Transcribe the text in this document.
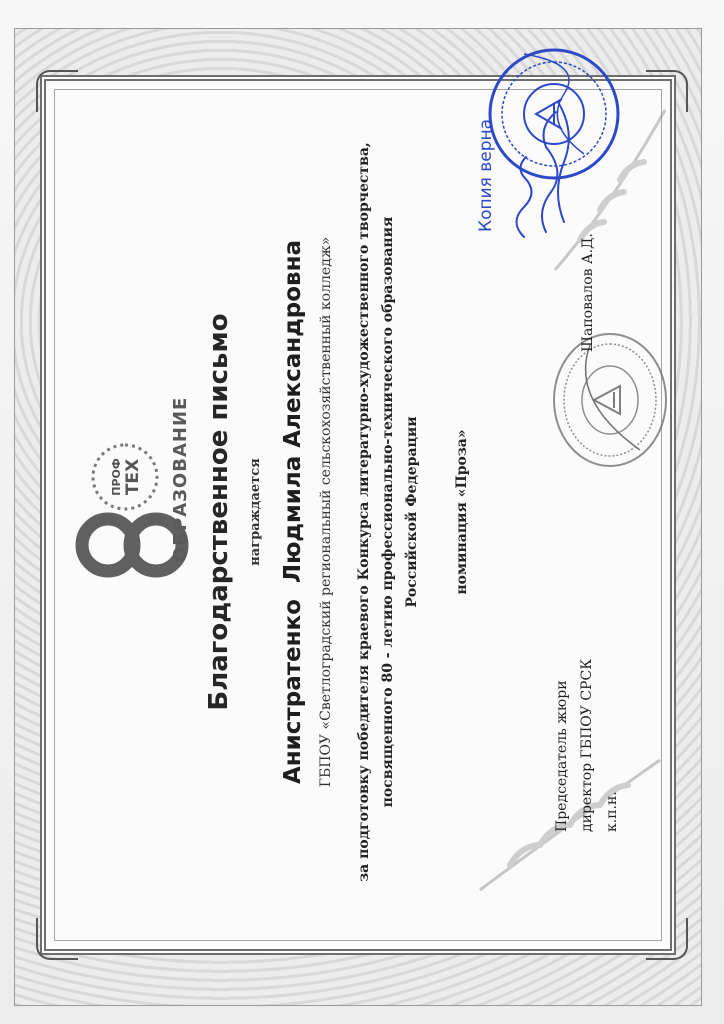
ПРОФ ТЕХ
80 ОБРАЗОВАНИЕ Благодарственное письмо награждается Анистратенко  Людмила Александровна ГБПОУ «Светлоградский региональный сельскохозяйственный колледж» за подготовку победителя краевого Конкурса литературно-художественного творчества, посвященного 80 - летию профессионально-технического образования Российской Федерации номинация «Проза»
Председатель жюри директор ГБПОУ СРСК к.п.н.
Шаповалов А.Д.
Копия верна
